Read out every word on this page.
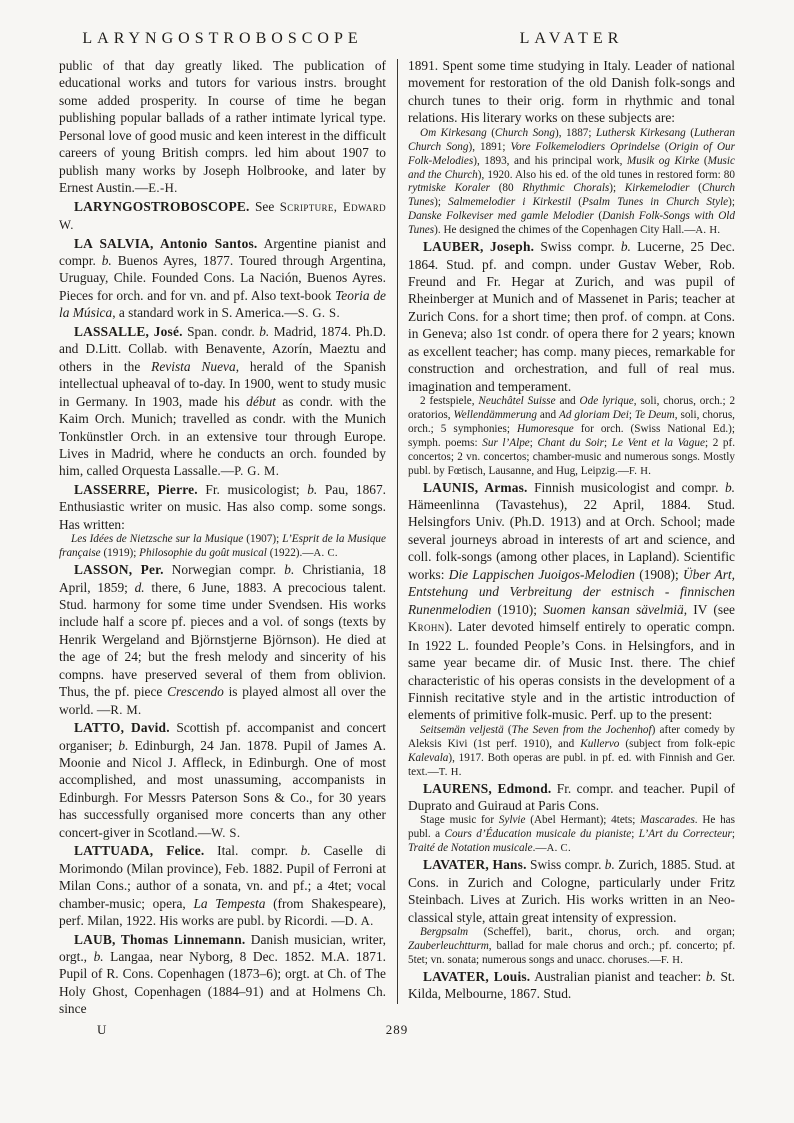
LARYNGOSTROBOSCOPE	LAVATER

public of that day greatly liked. The publication of educational works and tutors for various instrs. brought some added prosperity. In course of time he began publishing popular ballads of a rather intimate lyrical type. Personal love of good music and keen interest in the difficult careers of young British comprs. led him about 1907 to publish many works by Joseph Holbrooke, and later by Ernest Austin.—E.-H.

LARYNGOSTROBOSCOPE. See Scripture, Edward W.

LA SALVIA, Antonio Santos. Argentine pianist and compr. b. Buenos Ayres, 1877. Toured through Argentina, Uruguay, Chile. Founded Cons. La Nación, Buenos Ayres. Pieces for orch. and for vn. and pf. Also text-book Teoria de la Música, a standard work in S. America.—S. G. S.

LASSALLE, José. Span. condr. b. Madrid, 1874. Ph.D. and D.Litt. Collab. with Benavente, Azorín, Maeztu and others in the Revista Nueva, herald of the Spanish intellectual upheaval of to-day. In 1900, went to study music in Germany. In 1903, made his début as condr. with the Kaim Orch. Munich; travelled as condr. with the Munich Tonkünstler Orch. in an extensive tour through Europe. Lives in Madrid, where he conducts an orch. founded by him, called Orquesta Lassalle.—P. G. M.

LASSERRE, Pierre. Fr. musicologist; b. Pau, 1867. Enthusiastic writer on music. Has also comp. some songs. Has written:

Les Idées de Nietzsche sur la Musique (1907); L’Esprit de la Musique française (1919); Philosophie du goût musical (1922).—A. C.

LASSON, Per. Norwegian compr. b. Christiania, 18 April, 1859; d. there, 6 June, 1883. A precocious talent. Stud. harmony for some time under Svendsen. His works include half a score pf. pieces and a vol. of songs (texts by Henrik Wergeland and Björnstjerne Björnson). He died at the age of 24; but the fresh melody and sincerity of his compns. have preserved several of them from oblivion. Thus, the pf. piece Crescendo is played almost all over the world. —R. M.

LATTO, David. Scottish pf. accompanist and concert organiser; b. Edinburgh, 24 Jan. 1878. Pupil of James A. Moonie and Nicol J. Affleck, in Edinburgh. One of most accomplished, and most unassuming, accompanists in Edinburgh. For Messrs Paterson Sons & Co., for 30 years has successfully organised more concerts than any other concert-giver in Scotland.—W. S.

LATTUADA, Felice. Ital. compr. b. Caselle di Morimondo (Milan province), Feb. 1882. Pupil of Ferroni at Milan Cons.; author of a sonata, vn. and pf.; a 4tet; vocal chamber-music; opera, La Tempesta (from Shakespeare), perf. Milan, 1922. His works are publ. by Ricordi. —D. A.

LAUB, Thomas Linnemann. Danish musician, writer, orgt., b. Langaa, near Nyborg, 8 Dec. 1852. M.A. 1871. Pupil of R. Cons. Copenhagen (1873–6); orgt. at Ch. of The Holy Ghost, Copenhagen (1884–91) and at Holmens Ch. since

1891. Spent some time studying in Italy. Leader of national movement for restoration of the old Danish folk-songs and church tunes to their orig. form in rhythmic and tonal relations. His literary works on these subjects are:

Om Kirkesang (Church Song), 1887; Luthersk Kirkesang (Lutheran Church Song), 1891; Vore Folkemelodiers Oprindelse (Origin of Our Folk-Melodies), 1893, and his principal work, Musik og Kirke (Music and the Church), 1920. Also his ed. of the old tunes in restored form: 80 rytmiske Koraler (80 Rhythmic Chorals); Kirkemelodier (Church Tunes); Salmemelodier i Kirkestil (Psalm Tunes in Church Style); Danske Folkeviser med gamle Melodier (Danish Folk-Songs with Old Tunes). He designed the chimes of the Copenhagen City Hall.—A. H.

LAUBER, Joseph. Swiss compr. b. Lucerne, 25 Dec. 1864. Stud. pf. and compn. under Gustav Weber, Rob. Freund and Fr. Hegar at Zurich, and was pupil of Rheinberger at Munich and of Massenet in Paris; teacher at Zurich Cons. for a short time; then prof. of compn. at Cons. in Geneva; also 1st condr. of opera there for 2 years; known as excellent teacher; has comp. many pieces, remarkable for construction and orchestration, and full of real mus. imagination and temperament.

2 festspiele, Neuchâtel Suisse and Ode lyrique, soli, chorus, orch.; 2 oratorios, Wellendämmerung and Ad gloriam Dei; Te Deum, soli, chorus, orch.; 5 symphonies; Humoresque for orch. (Swiss National Ed.); symph. poems: Sur l’Alpe; Chant du Soir; Le Vent et la Vague; 2 pf. concertos; 2 vn. concertos; chamber-music and numerous songs. Mostly publ. by Fœtisch, Lausanne, and Hug, Leipzig.—F. H.

LAUNIS, Armas. Finnish musicologist and compr. b. Hämeenlinna (Tavastehus), 22 April, 1884. Stud. Helsingfors Univ. (Ph.D. 1913) and at Orch. School; made several journeys abroad in interests of art and science, and coll. folk-songs (among other places, in Lapland). Scientific works: Die Lappischen Juoigos-Melodien (1908); Über Art, Entstehung und Verbreitung der estnisch - finnischen Runenmelodien (1910); Suomen kansan sävelmiä, IV (see Krohn). Later devoted himself entirely to operatic compn. In 1922 L. founded People’s Cons. in Helsingfors, and in same year became dir. of Music Inst. there. The chief characteristic of his operas consists in the development of a Finnish recitative style and in the artistic introduction of elements of primitive folk-music. Perf. up to the present:

Seitsemän veljestä (The Seven from the Jochenhof) after comedy by Aleksis Kivi (1st perf. 1910), and Kullervo (subject from folk-epic Kalevala), 1917. Both operas are publ. in pf. ed. with Finnish and Ger. text.—T. H.

LAURENS, Edmond. Fr. compr. and teacher. Pupil of Duprato and Guiraud at Paris Cons.

Stage music for Sylvie (Abel Hermant); 4tets; Mascarades. He has publ. a Cours d’Éducation musicale du pianiste; L’Art du Correcteur; Traité de Notation musicale.—A. C.

LAVATER, Hans. Swiss compr. b. Zurich, 1885. Stud. at Cons. in Zurich and Cologne, particularly under Fritz Steinbach. Lives at Zurich. His works written in an Neo-classical style, attain great intensity of expression.

Bergpsalm (Scheffel), barit., chorus, orch. and organ; Zauberleuchtturm, ballad for male chorus and orch.; pf. concerto; pf. 5tet; vn. sonata; numerous songs and unacc. choruses.—F. H.

LAVATER, Louis. Australian pianist and teacher: b. St. Kilda, Melbourne, 1867. Stud.

U	289
